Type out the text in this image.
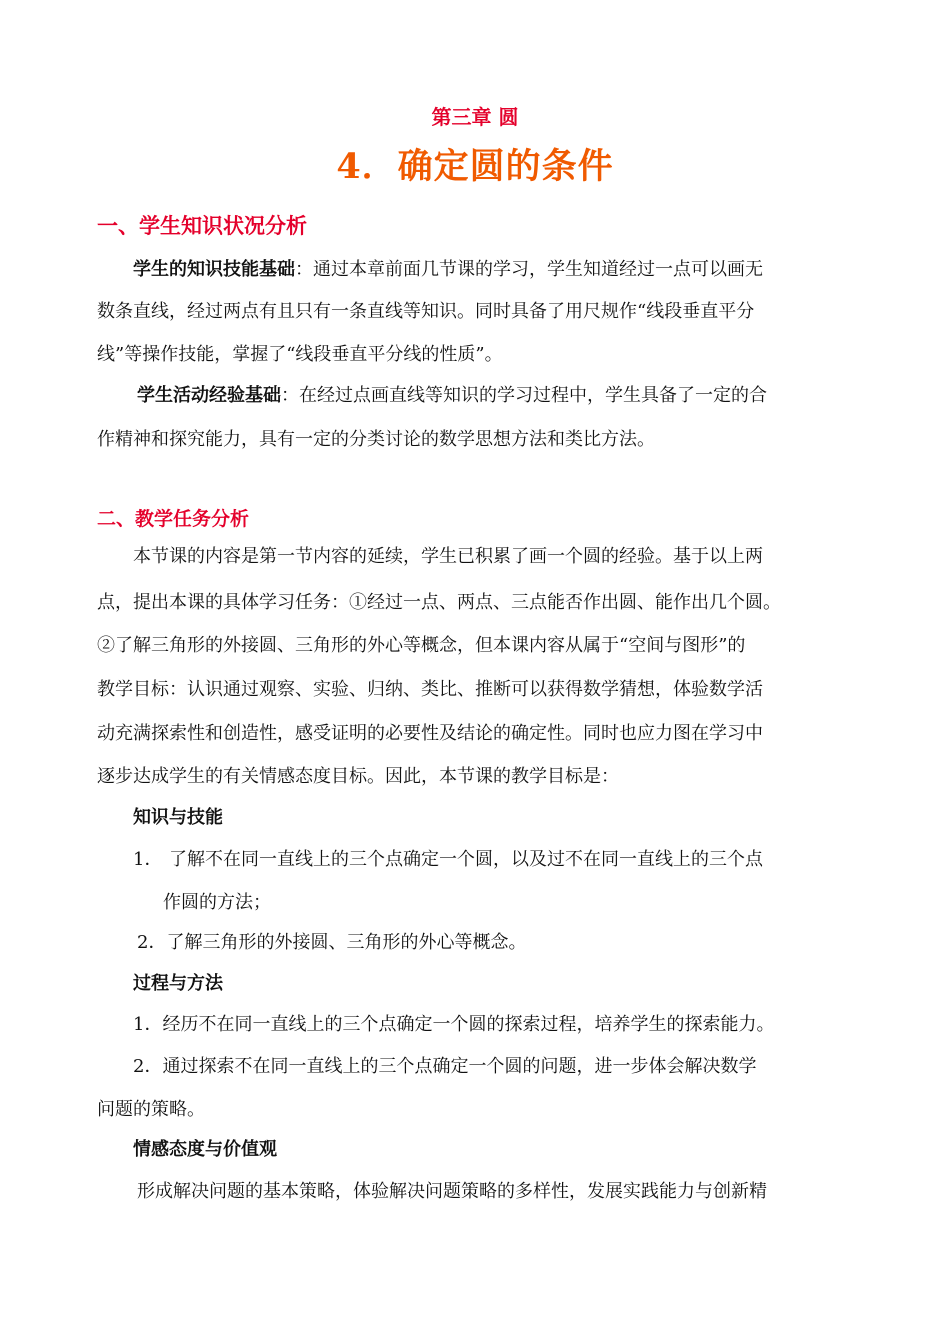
第三章 圆
4．确定圆的条件
一、学生知识状况分析
学生的知识技能基础：通过本章前面几节课的学习，学生知道经过一点可以画无
数条直线，经过两点有且只有一条直线等知识。同时具备了用尺规作“线段垂直平分
线”等操作技能，掌握了“线段垂直平分线的性质”。
学生活动经验基础：在经过点画直线等知识的学习过程中，学生具备了一定的合
作精神和探究能力，具有一定的分类讨论的数学思想方法和类比方法。
二、教学任务分析
本节课的内容是第一节内容的延续，学生已积累了画一个圆的经验。基于以上两
点，提出本课的具体学习任务：①经过一点、两点、三点能否作出圆、能作出几个圆。
②了解三角形的外接圆、三角形的外心等概念，但本课内容从属于“空间与图形”的
教学目标：认识通过观察、实验、归纳、类比、推断可以获得数学猜想，体验数学活
动充满探索性和创造性，感受证明的必要性及结论的确定性。同时也应力图在学习中
逐步达成学生的有关情感态度目标。因此，本节课的教学目标是：
知识与技能
1． 了解不在同一直线上的三个点确定一个圆，以及过不在同一直线上的三个点
作圆的方法；
2．了解三角形的外接圆、三角形的外心等概念。
过程与方法
1．经历不在同一直线上的三个点确定一个圆的探索过程，培养学生的探索能力。
2．通过探索不在同一直线上的三个点确定一个圆的问题，进一步体会解决数学
问题的策略。
情感态度与价值观
形成解决问题的基本策略，体验解决问题策略的多样性，发展实践能力与创新精
